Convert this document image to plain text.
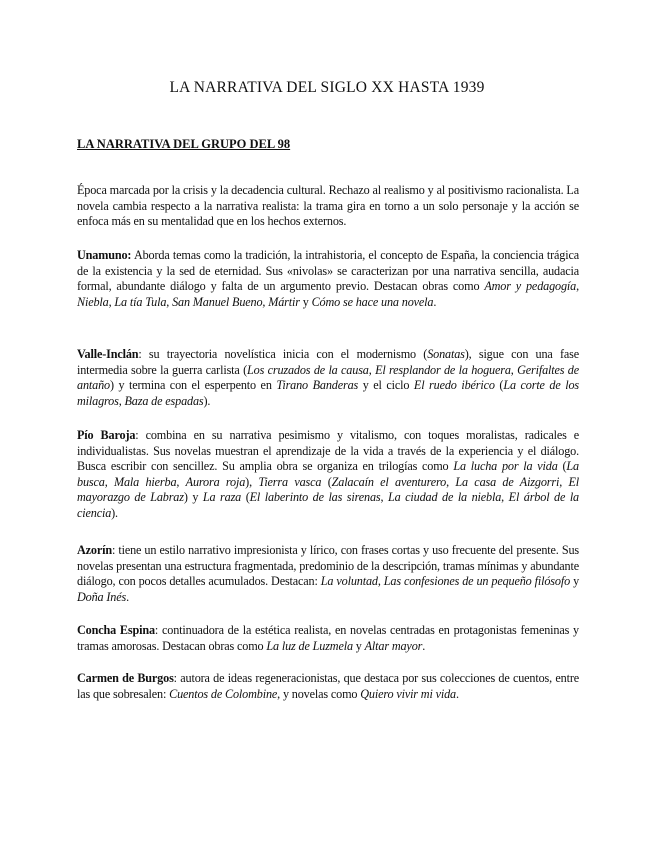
LA NARRATIVA DEL SIGLO XX HASTA 1939
LA NARRATIVA DEL GRUPO DEL 98

Época marcada por la crisis y la decadencia cultural. Rechazo al realismo y al positivismo racionalista. La novela cambia respecto a la narrativa realista: la trama gira en torno a un solo personaje y la acción se enfoca más en su mentalidad que en los hechos externos.

Unamuno: Aborda temas como la tradición, la intrahistoria, el concepto de España, la conciencia trágica de la existencia y la sed de eternidad. Sus «nivolas» se caracterizan por una narrativa sencilla, audacia formal, abundante diálogo y falta de un argumento previo. Destacan obras como Amor y pedagogía, Niebla, La tía Tula, San Manuel Bueno, Mártir y Cómo se hace una novela.

Valle-Inclán: su trayectoria novelística inicia con el modernismo (Sonatas), sigue con una fase intermedia sobre la guerra carlista (Los cruzados de la causa, El resplandor de la hoguera, Gerifaltes de antaño) y termina con el esperpento en Tirano Banderas y el ciclo El ruedo ibérico (La corte de los milagros, Baza de espadas).

Pío Baroja: combina en su narrativa pesimismo y vitalismo, con toques moralistas, radicales e individualistas. Sus novelas muestran el aprendizaje de la vida a través de la experiencia y el diálogo. Busca escribir con sencillez. Su amplia obra se organiza en trilogías como La lucha por la vida (La busca, Mala hierba, Aurora roja), Tierra vasca (Zalacaín el aventurero, La casa de Aizgorri, El mayorazgo de Labraz) y La raza (El laberinto de las sirenas, La ciudad de la niebla, El árbol de la ciencia).

Azorín: tiene un estilo narrativo impresionista y lírico, con frases cortas y uso frecuente del presente. Sus novelas presentan una estructura fragmentada, predominio de la descripción, tramas mínimas y abundante diálogo, con pocos detalles acumulados. Destacan: La voluntad, Las confesiones de un pequeño filósofo y Doña Inés.

Concha Espina: continuadora de la estética realista, en novelas centradas en protagonistas femeninas y tramas amorosas. Destacan obras como La luz de Luzmela y Altar mayor.

Carmen de Burgos: autora de ideas regeneracionistas, que destaca por sus colecciones de cuentos, entre las que sobresalen: Cuentos de Colombine, y novelas como Quiero vivir mi vida.
